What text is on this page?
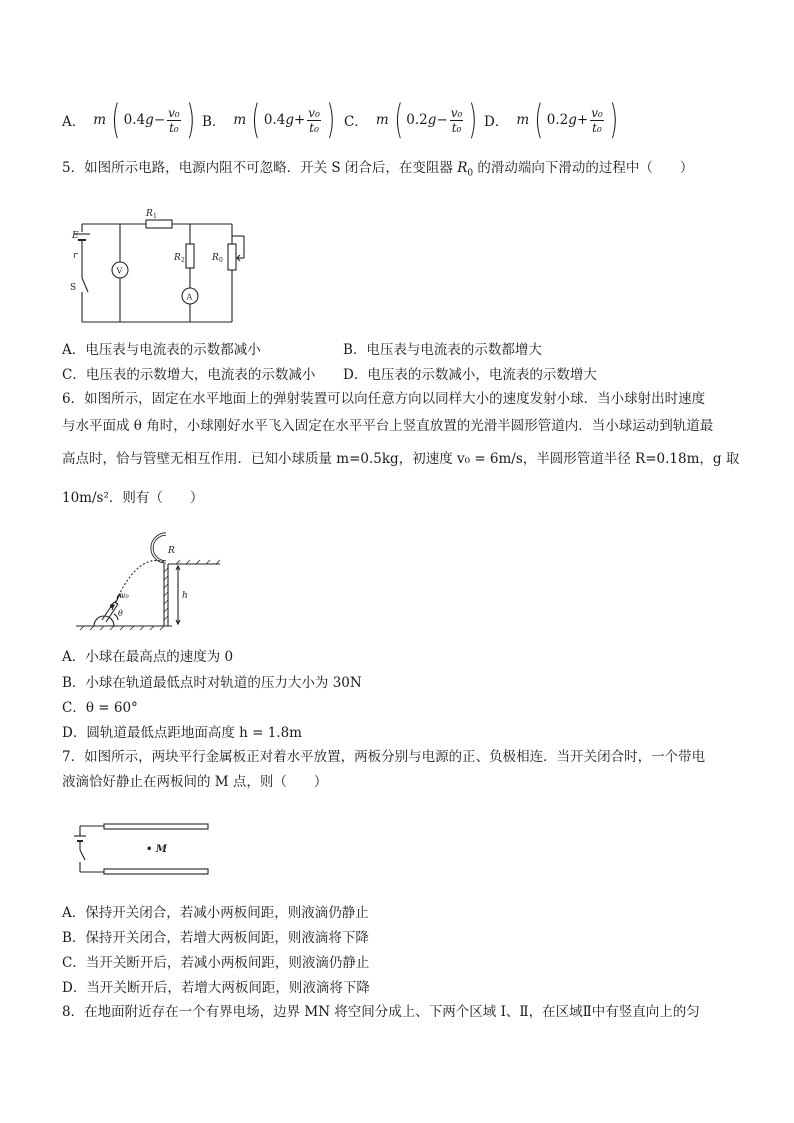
A． m ( $0.4g- \frac{\text{v₀}}{\text{t₀}}$ ) B． m ( $0.4g+ \frac{\text{v₀}}{\text{t₀}}$ ) C． m ( $0.2g- \frac{\text{v₀}}{\text{t₀}}$ ) D． m ( $0.2g+ \frac{\text{v₀}}{\text{t₀}}$ )
5．如图所示电路，电源内阻不可忽略．开关 S 闭合后，在变阻器 $R_0$ 的滑动端向下滑动的过程中（　　）
R 1
R 2	R 0
E
r
S
V
A
A．电压表与电流表的示数都减小	B．电压表与电流表的示数都增大
C．电压表的示数增大，电流表的示数减小 D．电压表的示数减小，电流表的示数增大
6．如图所示，固定在水平地面上的弹射装置可以向任意方向以同样大小的速度发射小球．当小球射出时速度
与水平面成 θ 角时，小球刚好水平飞入固定在水平平台上竖直放置的光滑半圆形管道内．当小球运动到轨道最
高点时，恰与管壁无相互作用．已知小球质量 m=0.5kg，初速度 v₀ = 6m/s，半圆形管道半径 R=0.18m，g 取
10m/s²．则有（　　）
R
h
v₀
θ
A．小球在最高点的速度为 0
B．小球在轨道最低点时对轨道的压力大小为 30N
C．θ = 60°
D．圆轨道最低点距地面高度 h = 1.8m
7．如图所示，两块平行金属板正对着水平放置，两板分别与电源的正、负极相连．当开关闭合时，一个带电
液滴恰好静止在两板间的 M 点，则（　　）
• M
A．保持开关闭合，若减小两板间距，则液滴仍静止
B．保持开关闭合，若增大两板间距，则液滴将下降
C．当开关断开后，若减小两板间距，则液滴仍静止
D．当开关断开后，若增大两板间距，则液滴将下降
8．在地面附近存在一个有界电场，边界 MN 将空间分成上、下两个区域 Ⅰ、Ⅱ，在区域Ⅱ中有竖直向上的匀
